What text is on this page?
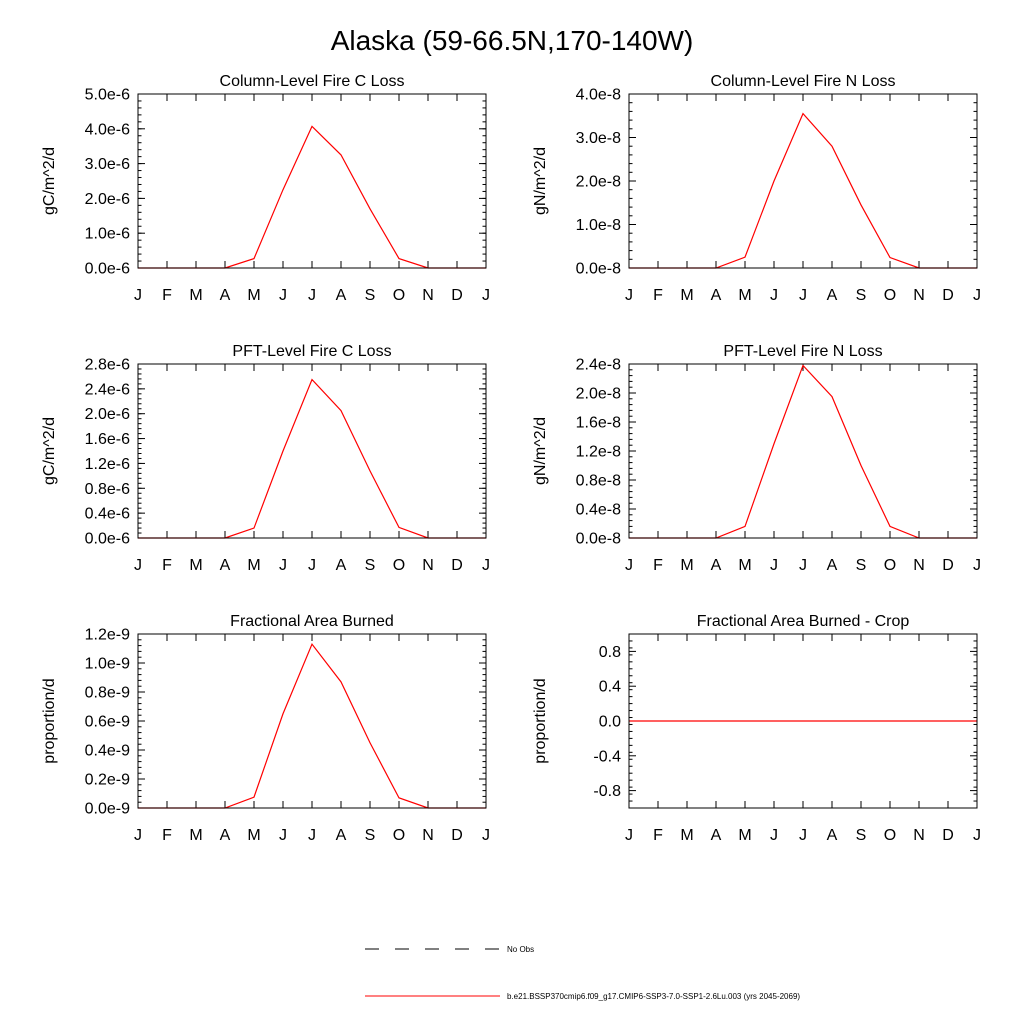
Alaska (59-66.5N,170-140W)
Column-Level Fire C Loss
gC/m^2/d
J F M A M J J A S O N D J
0.0e-6
1.0e-6
2.0e-6
3.0e-6
4.0e-6
5.0e-6
Column-Level Fire N Loss
gN/m^2/d
J F M A M J J A S O N D J
0.0e-8
1.0e-8
2.0e-8
3.0e-8
4.0e-8
PFT-Level Fire C Loss
gC/m^2/d
J F M A M J J A S O N D J
0.0e-6
0.4e-6
0.8e-6
1.2e-6
1.6e-6
2.0e-6
2.4e-6
2.8e-6
PFT-Level Fire N Loss
gN/m^2/d
J F M A M J J A S O N D J
0.0e-8
0.4e-8
0.8e-8
1.2e-8
1.6e-8
2.0e-8
2.4e-8
Fractional Area Burned
proportion/d
J F M A M J J A S O N D J
0.0e-9
0.2e-9
0.4e-9
0.6e-9
0.8e-9
1.0e-9
1.2e-9
Fractional Area Burned - Crop
proportion/d
J F M A M J J A S O N D J
-0.8
-0.4
0.0
0.4
0.8
No Obs
b.e21.BSSP370cmip6.f09_g17.CMIP6-SSP3-7.0-SSP1-2.6Lu.003 (yrs 2045-2069)
